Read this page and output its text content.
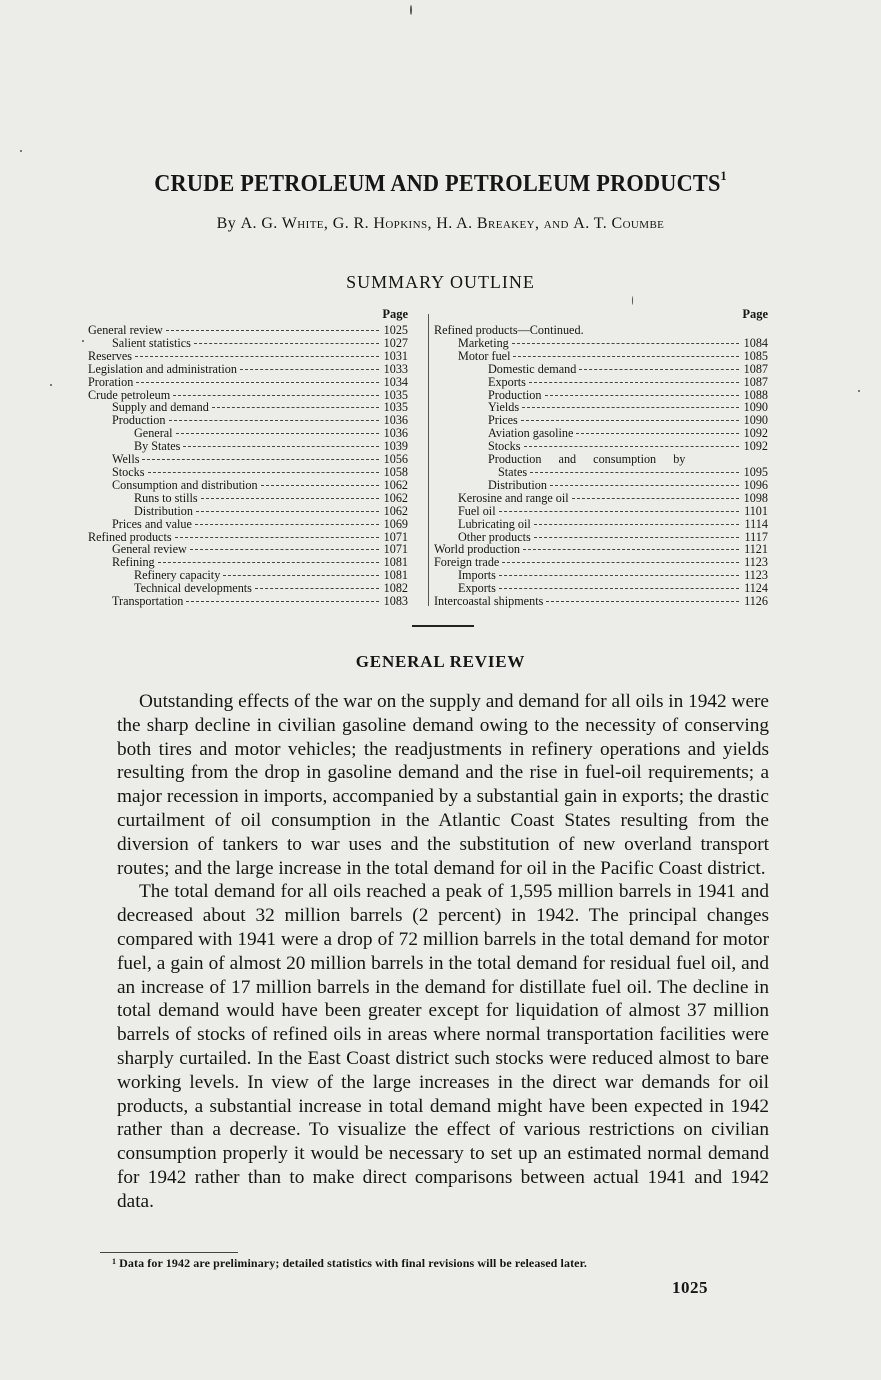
CRUDE PETROLEUM AND PETROLEUM PRODUCTS$^1$
By A. G. White, G. R. Hopkins, H. A. Breakey, and A. T. Coumbe
SUMMARY OUTLINE
Page
General review	1025
Salient statistics	1027
Reserves	1031
Legislation and administration	1033
Proration	1034
Crude petroleum	1035
Supply and demand	1035
Production	1036
General	1036
By States	1039
Wells	1056
Stocks	1058
Consumption and distribution	1062
Runs to stills	1062
Distribution	1062
Prices and value	1069
Refined products	1071
General review	1071
Refining	1081
Refinery capacity	1081
Technical developments	1082
Transportation	1083
Page
Refined products—Continued.
Marketing	1084
Motor fuel	1085
Domestic demand	1087
Exports	1087
Production	1088
Yields	1090
Prices	1090
Aviation gasoline	1092
Stocks	1092
Production and consumption by
States	1095
Distribution	1096
Kerosine and range oil	1098
Fuel oil	1101
Lubricating oil	1114
Other products	1117
World production	1121
Foreign trade	1123
Imports	1123
Exports	1124
Intercoastal shipments	1126
GENERAL REVIEW

Outstanding effects of the war on the supply and demand for all oils in 1942 were the sharp decline in civilian gasoline demand owing to the necessity of conserving both tires and motor vehicles; the readjustments in refinery operations and yields resulting from the drop in gasoline demand and the rise in fuel-oil requirements; a major recession in imports, accompanied by a substantial gain in exports; the drastic curtailment of oil consumption in the Atlantic Coast States resulting from the diversion of tankers to war uses and the substitution of new overland transport routes; and the large increase in the total demand for oil in the Pacific Coast district.

The total demand for all oils reached a peak of 1,595 million barrels in 1941 and decreased about 32 million barrels (2 percent) in 1942. The principal changes compared with 1941 were a drop of 72 million barrels in the total demand for motor fuel, a gain of almost 20 million barrels in the total demand for residual fuel oil, and an increase of 17 million barrels in the demand for distillate fuel oil. The decline in total demand would have been greater except for liquidation of almost 37 million barrels of stocks of refined oils in areas where normal transportation facilities were sharply curtailed. In the East Coast district such stocks were reduced almost to bare working levels. In view of the large increases in the direct war demands for oil products, a substantial increase in total demand might have been expected in 1942 rather than a decrease. To visualize the effect of various restrictions on civilian consumption properly it would be necessary to set up an estimated normal demand for 1942 rather than to make direct comparisons between actual 1941 and 1942 data.

$^1$ Data for 1942 are preliminary; detailed statistics with final revisions will be released later.
1025
